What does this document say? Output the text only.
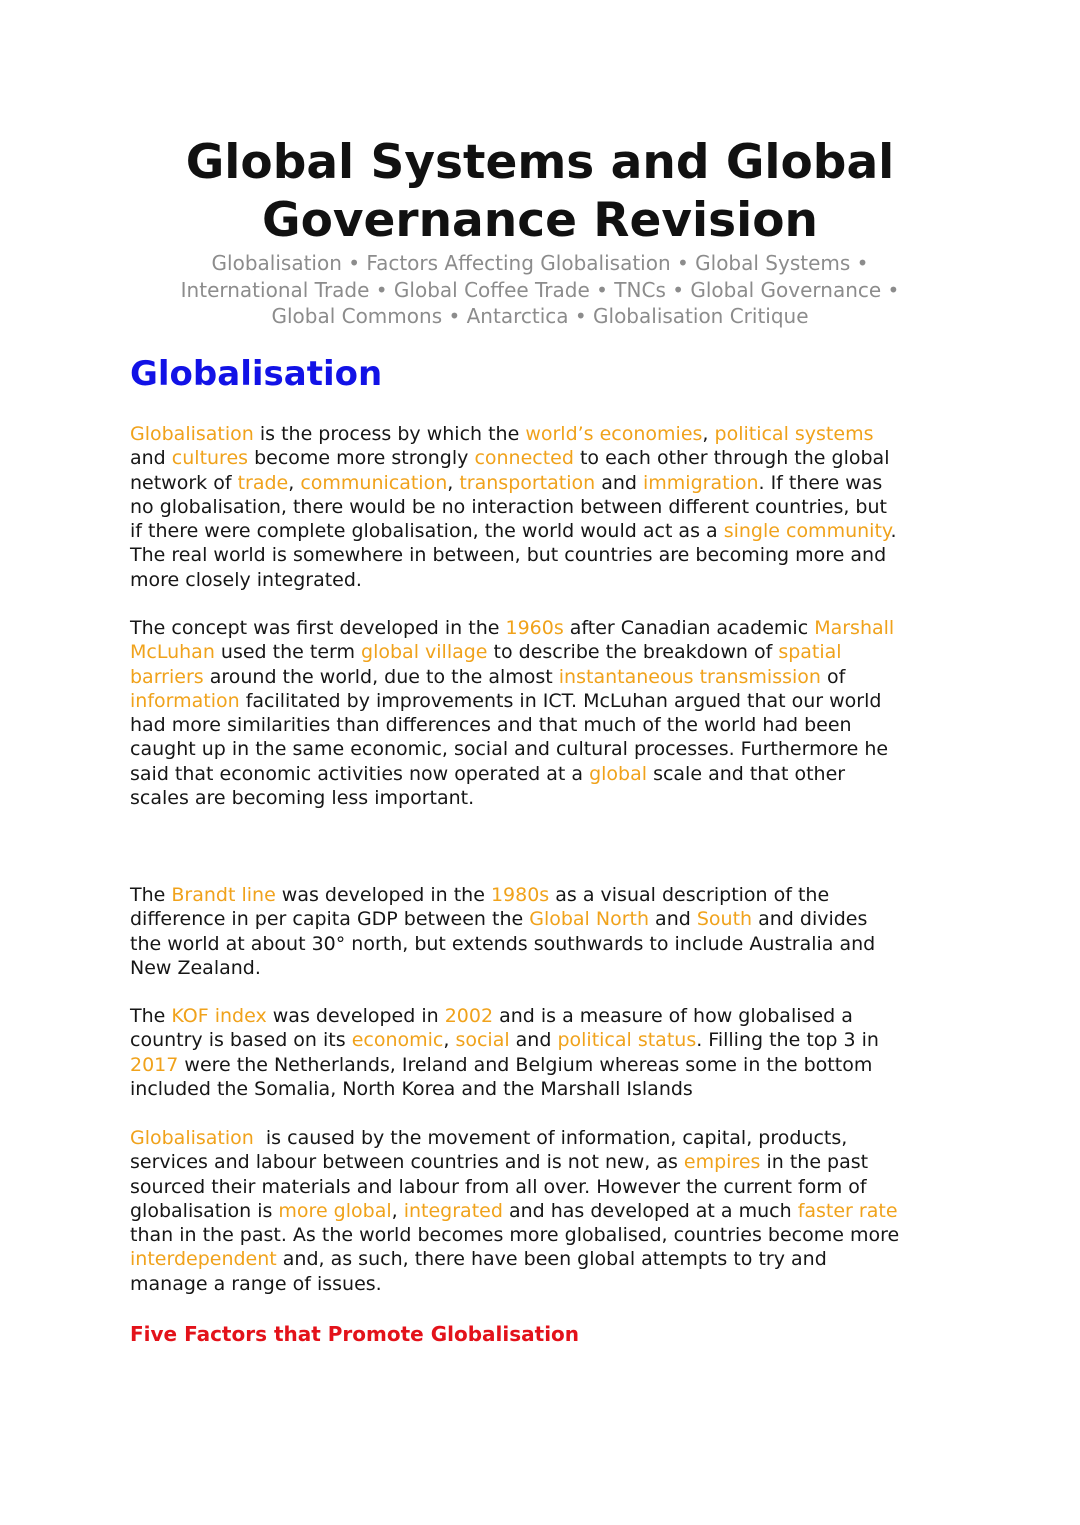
Global Systems and Global
Governance Revision
Globalisation • Factors Affecting Globalisation • Global Systems •
International Trade • Global Coffee Trade • TNCs • Global Governance •
Global Commons • Antarctica • Globalisation Critique
Globalisation
Globalisation is the process by which the world’s economies, political systems
and cultures become more strongly connected to each other through the global
network of trade, communication, transportation and immigration. If there was
no globalisation, there would be no interaction between different countries, but
if there were complete globalisation, the world would act as a single community.
The real world is somewhere in between, but countries are becoming more and
more closely integrated.
The concept was first developed in the 1960s after Canadian academic Marshall
McLuhan used the term global village to describe the breakdown of spatial
barriers around the world, due to the almost instantaneous transmission of
information facilitated by improvements in ICT. McLuhan argued that our world
had more similarities than differences and that much of the world had been
caught up in the same economic, social and cultural processes. Furthermore he
said that economic activities now operated at a global scale and that other
scales are becoming less important.
The Brandt line was developed in the 1980s as a visual description of the
difference in per capita GDP between the Global North and South and divides
the world at about 30° north, but extends southwards to include Australia and
New Zealand.
The KOF index was developed in 2002 and is a measure of how globalised a
country is based on its economic, social and political status. Filling the top 3 in
2017 were the Netherlands, Ireland and Belgium whereas some in the bottom
included the Somalia, North Korea and the Marshall Islands
Globalisation  is caused by the movement of information, capital, products,
services and labour between countries and is not new, as empires in the past
sourced their materials and labour from all over. However the current form of
globalisation is more global, integrated and has developed at a much faster rate
than in the past. As the world becomes more globalised, countries become more
interdependent and, as such, there have been global attempts to try and
manage a range of issues.
Five Factors that Promote Globalisation
